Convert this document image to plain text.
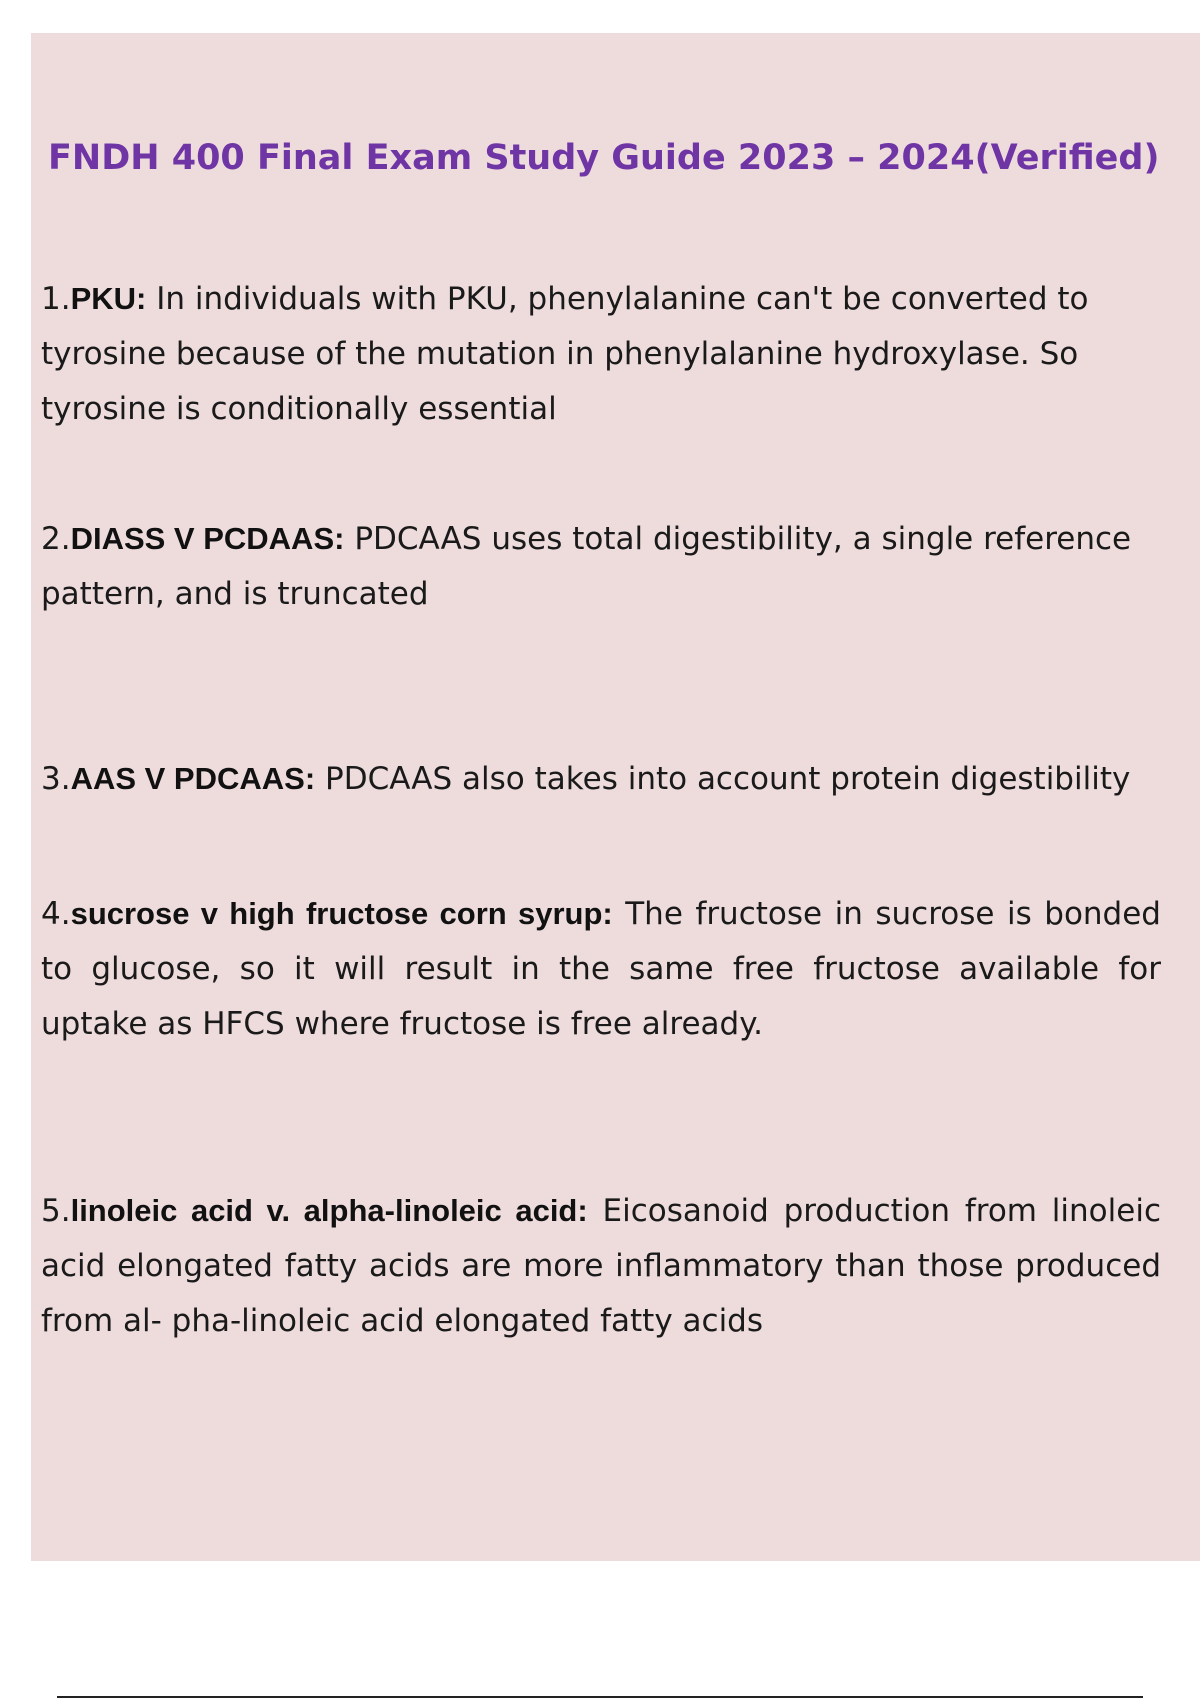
FNDH 400 Final Exam Study Guide 2023 – 2024(Verified)

1.PKU: In individuals with PKU, phenylalanine can't be converted to tyrosine because of the mutation in phenylalanine hydroxylase. So tyrosine is conditionally essential

2.DIASS V PCDAAS: PDCAAS uses total digestibility, a single reference pattern, and is truncated

3.AAS V PDCAAS: PDCAAS also takes into account protein digestibility

4.sucrose v high fructose corn syrup: The fructose in sucrose is bonded to glucose, so it will result in the same free fructose available for uptake as HFCS where fructose is free already.

5.linoleic acid v. alpha-linoleic acid: Eicosanoid production from linoleic acid elongated fatty acids are more inflammatory than those produced from al- pha-linoleic acid elongated fatty acids
